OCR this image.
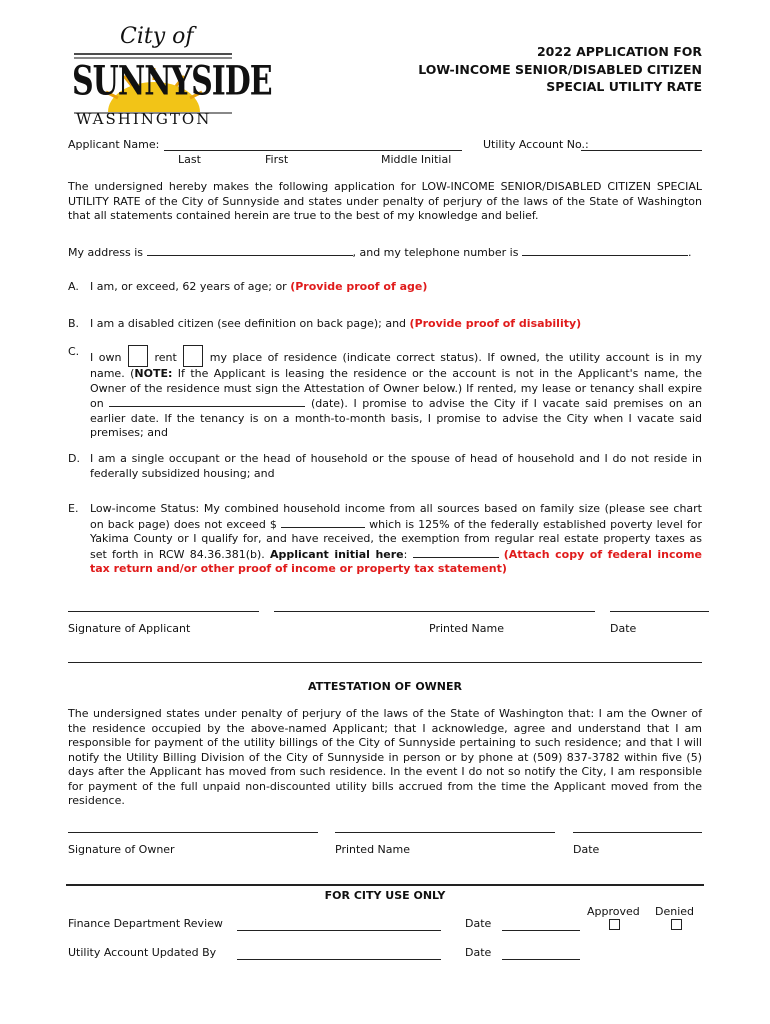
City of
SUNNYSIDE
WASHINGTON
2022 APPLICATION FOR
LOW-INCOME SENIOR/DISABLED CITIZEN
SPECIAL UTILITY RATE
Applicant Name:	Utility Account No.:
Last	First	Middle Initial
The undersigned hereby makes the following application for LOW-INCOME SENIOR/DISABLED CITIZEN SPECIAL UTILITY RATE of the City of Sunnyside and states under penalty of perjury of the laws of the State of Washington that all statements contained herein are true to the best of my knowledge and belief.
My address is	, and my telephone number is	.
A. I am, or exceed, 62 years of age; or (Provide proof of age)
B. I am a disabled citizen (see definition on back page); and (Provide proof of disability)
C. I own	rent	my place of residence (indicate correct status). If owned, the utility account is in my name. (NOTE: If the Applicant is leasing the residence or the account is not in the Applicant's name, the Owner of the residence must sign the Attestation of Owner below.) If rented, my lease or tenancy shall expire on	(date). I promise to advise the City if I vacate said premises on an earlier date. If the tenancy is on a month-to-month basis, I promise to advise the City when I vacate said premises; and
D. I am a single occupant or the head of household or the spouse of head of household and I do not reside in federally subsidized housing; and
E. Low-income Status: My combined household income from all sources based on family size (please see chart on back page) does not exceed $	which is 125% of the federally established poverty level for Yakima County or I qualify for, and have received, the exemption from regular real estate property taxes as set forth in RCW 84.36.381(b). Applicant initial here:	(Attach copy of federal income tax return and/or other proof of income or property tax statement)
Signature of Applicant	Printed Name	Date
ATTESTATION OF OWNER
The undersigned states under penalty of perjury of the laws of the State of Washington that: I am the Owner of the residence occupied by the above-named Applicant; that I acknowledge, agree and understand that I am responsible for payment of the utility billings of the City of Sunnyside pertaining to such residence; and that I will notify the Utility Billing Division of the City of Sunnyside in person or by phone at (509) 837-3782 within five (5) days after the Applicant has moved from such residence. In the event I do not so notify the City, I am responsible for payment of the full unpaid non-discounted utility bills accrued from the time the Applicant moved from the residence.
Signature of Owner	Printed Name	Date
FOR CITY USE ONLY
Approved Denied
Finance Department Review	Date
Utility Account Updated By	Date
